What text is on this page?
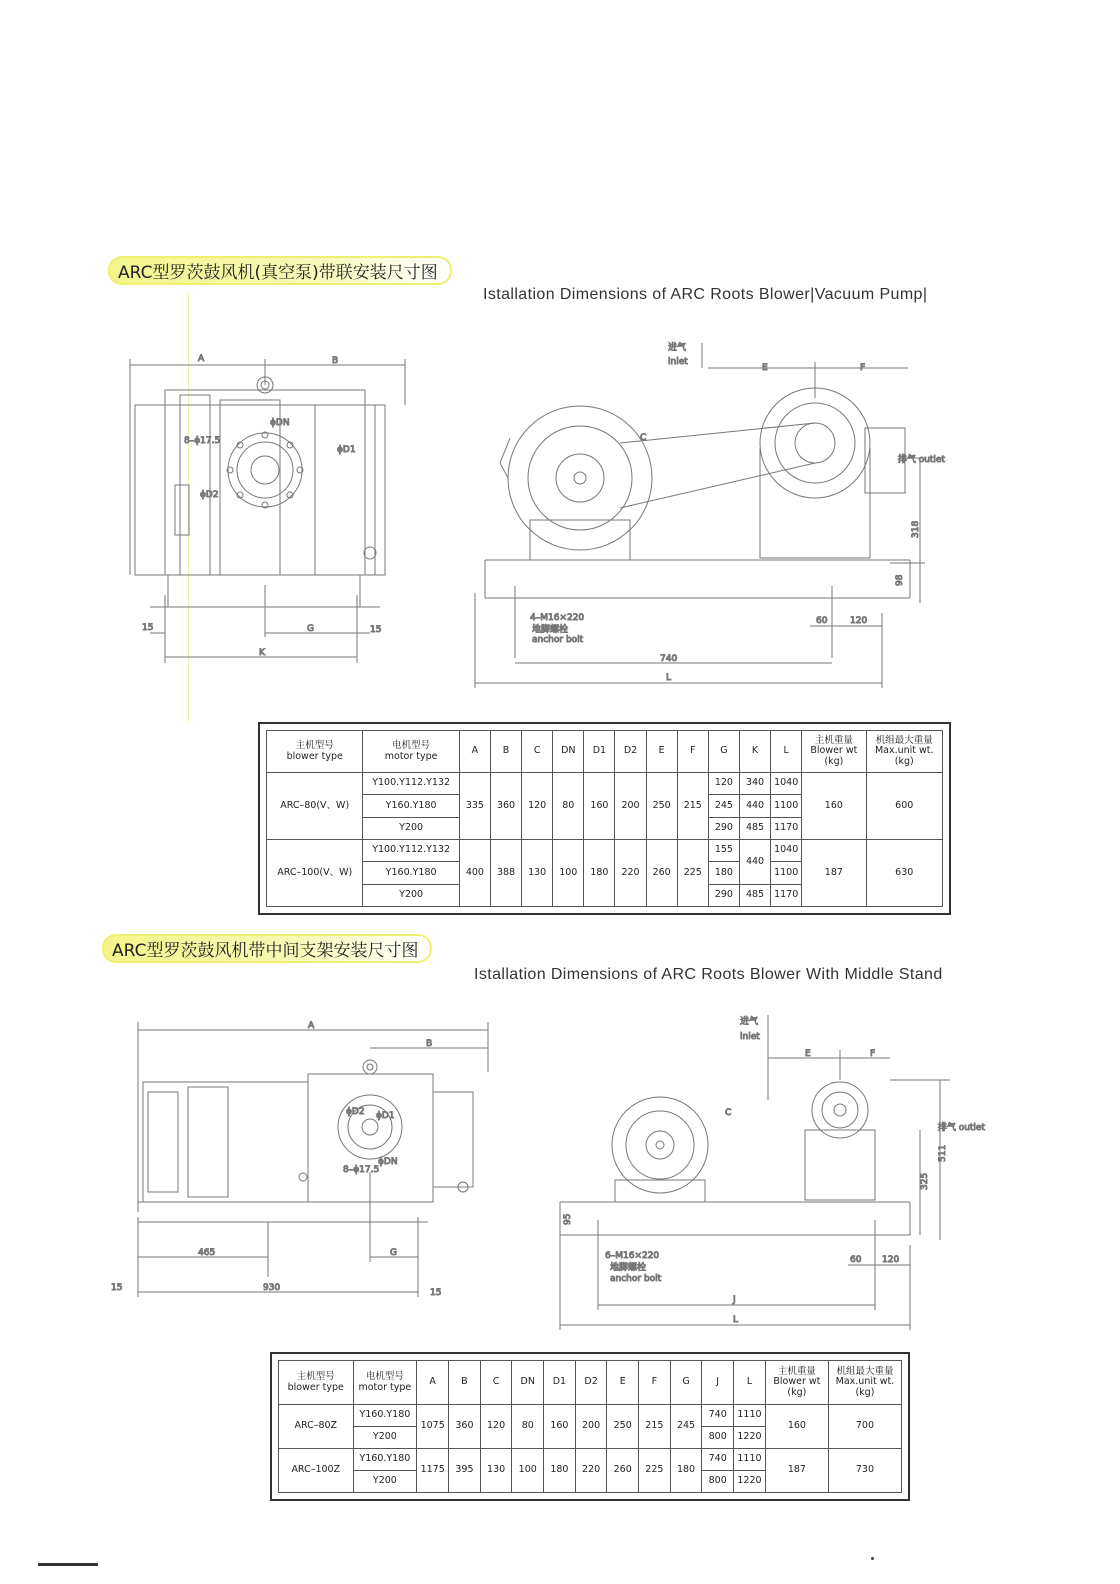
ARC型罗茨鼓风机(真空泵)带联安装尺寸图
Istallation Dimensions of ARC Roots Blower|Vacuum Pump|
A	B
ϕDN
ϕD1
8–ϕ17.5
ϕD2
15	G	15
K
进气
inlet
E	F
C
排气 outlet
318
98
4–M16×220
地脚螺栓
anchor bolt
60	120
740
L
主机型号
blower type	电机型号
motor type	A	B	C	DN	D1	D2	E	F	G	K	L	主机重量
Blower wt
(kg)	机组最大重量
Max.unit wt.
(kg)
ARC–80(V、W)	Y100.Y112.Y132	335	360	120	80	160	200	250	215	120	340	1040	160	600
	Y160.Y180									245	440	1100		
	Y200									290	485	1170		
ARC–100(V、W)	Y100.Y112.Y132	400	388	130	100	180	220	260	225	155	440	1040	187	630
	Y160.Y180									180		1100		
	Y200									290	485	1170		
ARC型罗茨鼓风机带中间支架安装尺寸图
Istallation Dimensions of ARC Roots Blower With Middle Stand
A
B
ϕD2 ϕD1
8–ϕ17.5
ϕDN
465	G
15	930	15
进气
inlet
E	F
C
排气 outlet
511
325
95
6–M16×220
地脚螺栓
anchor bolt
60 120
J
L
主机型号
blower type	电机型号
motor type	A	B	C	DN	D1	D2	E	F	G	J	L	主机重量
Blower wt
(kg)	机组最大重量
Max.unit wt.
(kg)
ARC–80Z	Y160.Y180	1075	360	120	80	160	200	250	215	245	740	1110	160	700
	Y200										800	1220		
ARC–100Z	Y160.Y180	1175	395	130	100	180	220	260	225	180	740	1110	187	730
	Y200										800	1220		
